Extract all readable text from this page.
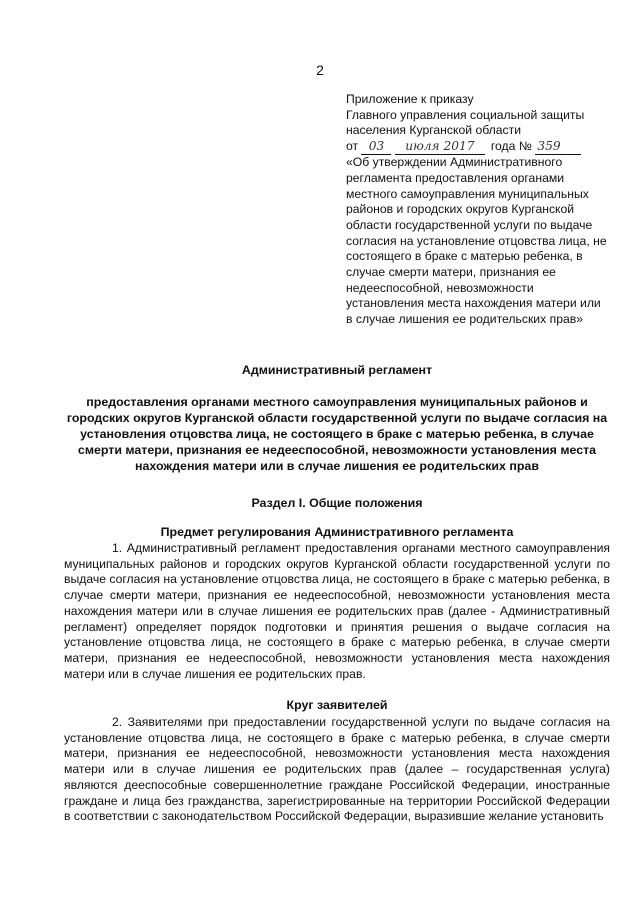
2
Приложение к приказу
Главного управления социальной защиты
населения Курганской области
от 03 июля 2017 года № 359
«Об утверждении Административного регламента предоставления органами местного самоуправления муниципальных районов и городских округов Курганской области государственной услуги по выдаче согласия на установление отцовства лица, не состоящего в браке с матерью ребенка, в случае смерти матери, признания ее недееспособной, невозможности установления места нахождения матери или в случае лишения ее родительских прав»
Административный регламент
предоставления органами местного самоуправления муниципальных районов и городских округов Курганской области государственной услуги по выдаче согласия на установления отцовства лица, не состоящего в браке с матерью ребенка, в случае смерти матери, признания ее недееспособной, невозможности установления места нахождения матери или в случае лишения ее родительских прав
Раздел I. Общие положения
Предмет регулирования Административного регламента
1. Административный регламент предоставления органами местного самоуправления муниципальных районов и городских округов Курганской области государственной услуги по выдаче согласия на установление отцовства лица, не состоящего в браке с матерью ребенка, в случае смерти матери, признания ее недееспособной, невозможности установления места нахождения матери или в случае лишения ее родительских прав (далее - Административный регламент) определяет порядок подготовки и принятия решения о выдаче согласия на установление отцовства лица, не состоящего в браке с матерью ребенка, в случае смерти матери, признания ее недееспособной, невозможности установления места нахождения матери или в случае лишения ее родительских прав.
Круг заявителей
2. Заявителями при предоставлении государственной услуги по выдаче согласия на установление отцовства лица, не состоящего в браке с матерью ребенка, в случае смерти матери, признания ее недееспособной, невозможности установления места нахождения матери или в случае лишения ее родительских прав (далее – государственная услуга) являются дееспособные совершеннолетние граждане Российской Федерации, иностранные граждане и лица без гражданства, зарегистрированные на территории Российской Федерации в соответствии с законодательством Российской Федерации, выразившие желание установить
